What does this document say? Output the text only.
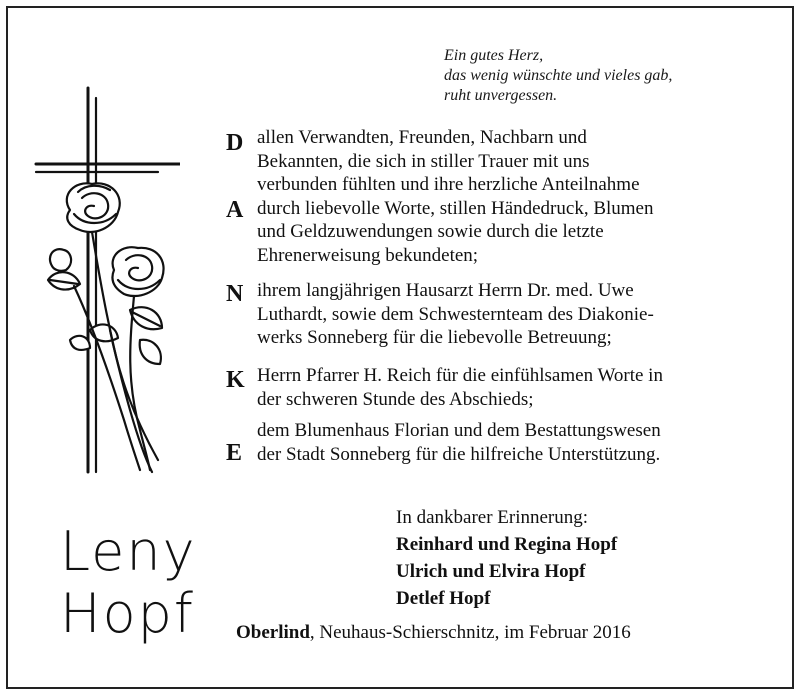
Ein gutes Herz,
das wenig wünschte und vieles gab,
ruht unvergessen.
D
A
N
K
E
allen Verwandten, Freunden, Nachbarn und
Bekannten, die sich in stiller Trauer mit uns
verbunden fühlten und ihre herzliche Anteilnahme
durch liebevolle Worte, stillen Händedruck, Blumen
und Geldzuwendungen sowie durch die letzte
Ehrenerweisung bekundeten;
ihrem langjährigen Hausarzt Herrn Dr. med. Uwe
Luthardt, sowie dem Schwesternteam des Diakonie-
werks Sonneberg für die liebevolle Betreuung;
Herrn Pfarrer H. Reich für die einfühlsamen Worte in
der schweren Stunde des Abschieds;
dem Blumenhaus Florian und dem Bestattungswesen
der Stadt Sonneberg für die hilfreiche Unterstützung.
Leny
Hopf
In dankbarer Erinnerung:
Reinhard und Regina Hopf
Ulrich und Elvira Hopf
Detlef Hopf
Oberlind, Neuhaus-Schierschnitz, im Februar 2016
